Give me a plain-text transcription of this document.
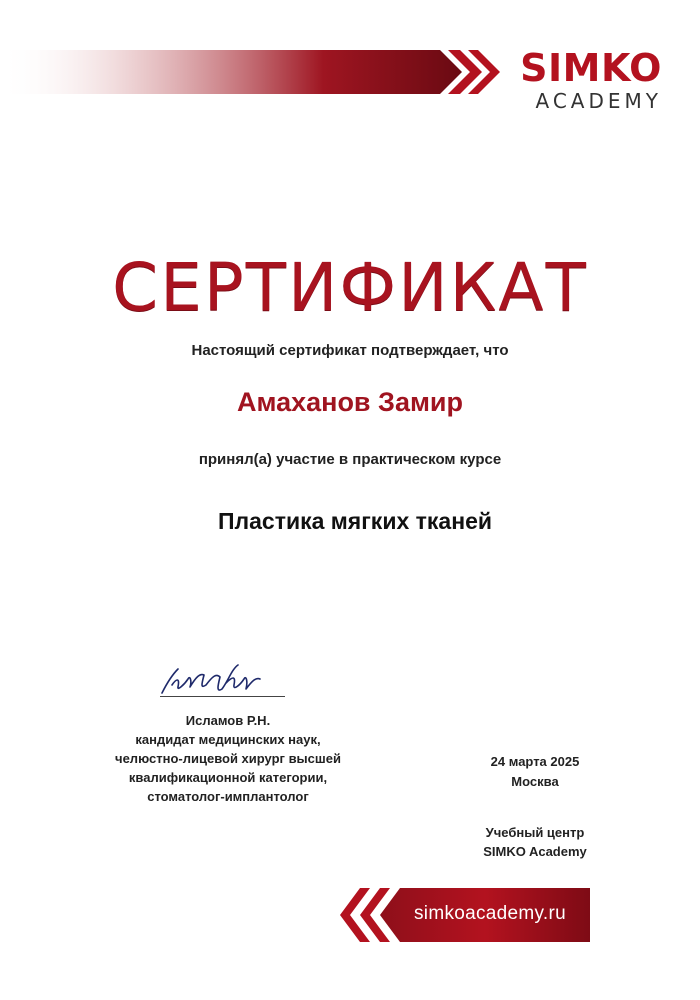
SIMKO
ACADEMY
СЕРТИФИКАТ
Настоящий сертификат подтверждает, что
Амаханов Замир
принял(а) участие в практическом курсе
Пластика мягких тканей
Исламов Р.Н.
кандидат медицинских наук,
челюстно-лицевой хирург высшей
квалификационной категории,
стоматолог-имплантолог
24 марта 2025
Москва
Учебный центр
SIMKO Academy
simkoacademy.ru
